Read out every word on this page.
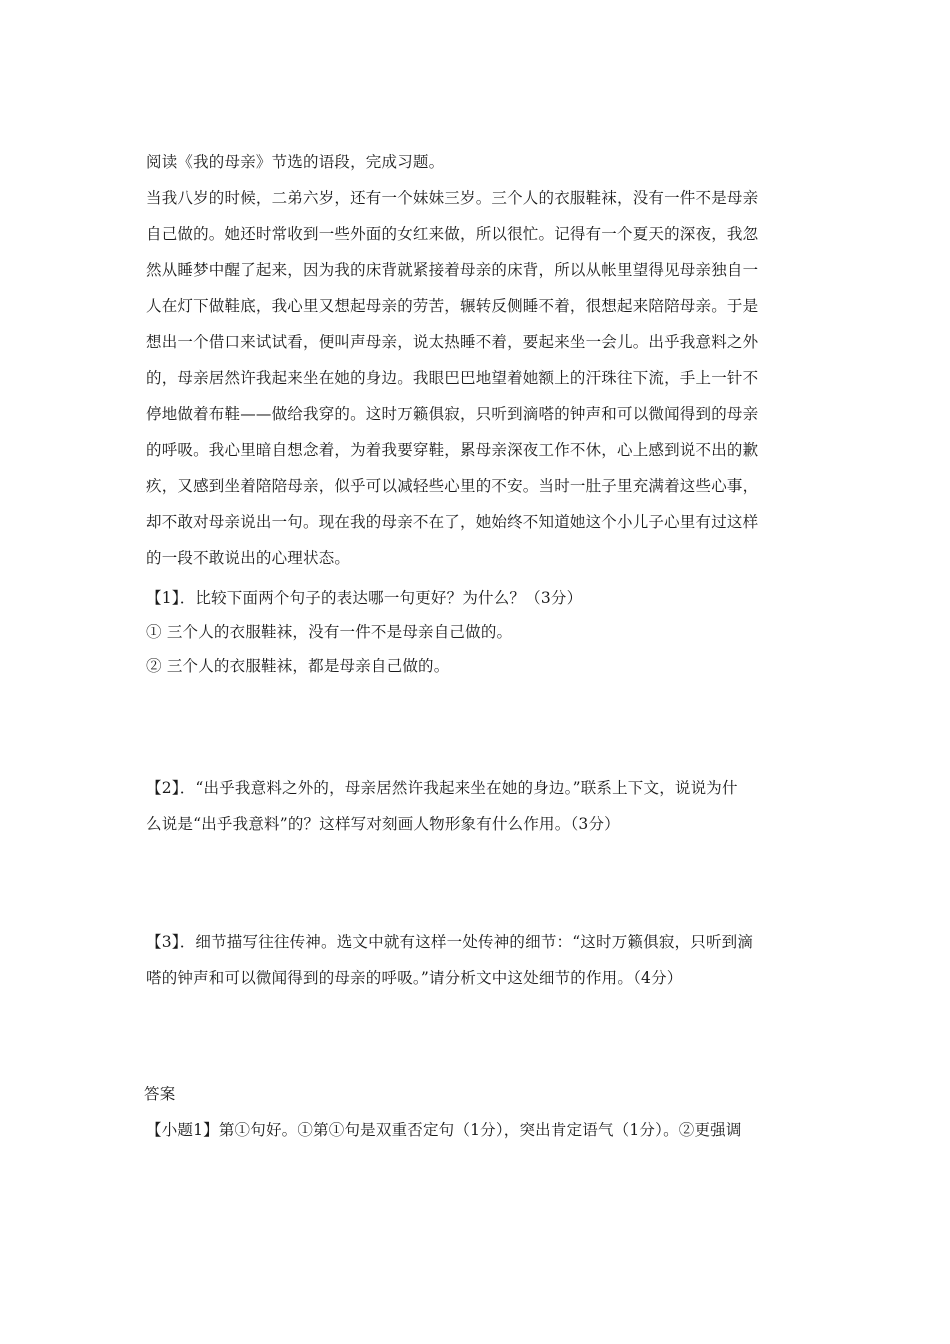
阅读《我的母亲》节选的语段，完成习题。
当我八岁的时候，二弟六岁，还有一个妹妹三岁。三个人的衣服鞋袜，没有一件不是母亲
自己做的。她还时常收到一些外面的女红来做，所以很忙。记得有一个夏天的深夜，我忽
然从睡梦中醒了起来，因为我的床背就紧接着母亲的床背，所以从帐里望得见母亲独自一
人在灯下做鞋底，我心里又想起母亲的劳苦，辗转反侧睡不着，很想起来陪陪母亲。于是
想出一个借口来试试看，便叫声母亲，说太热睡不着，要起来坐一会儿。出乎我意料之外
的，母亲居然许我起来坐在她的身边。我眼巴巴地望着她额上的汗珠往下流，手上一针不
停地做着布鞋——做给我穿的。这时万籁俱寂，只听到滴嗒的钟声和可以微闻得到的母亲
的呼吸。我心里暗自想念着，为着我要穿鞋，累母亲深夜工作不休，心上感到说不出的歉
疚，又感到坐着陪陪母亲，似乎可以减轻些心里的不安。当时一肚子里充满着这些心事，
却不敢对母亲说出一句。现在我的母亲不在了，她始终不知道她这个小儿子心里有过这样
的一段不敢说出的心理状态。
【1】．比较下面两个句子的表达哪一句更好？为什么？（3分）
① 三个人的衣服鞋袜，没有一件不是母亲自己做的。
② 三个人的衣服鞋袜，都是母亲自己做的。
【2】．“出乎我意料之外的，母亲居然许我起来坐在她的身边。”联系上下文，说说为什
么说是“出乎我意料”的？这样写对刻画人物形象有什么作用。（3分）
【3】．细节描写往往传神。选文中就有这样一处传神的细节：“这时万籁俱寂，只听到滴
嗒的钟声和可以微闻得到的母亲的呼吸。”请分析文中这处细节的作用。（4分）
答案
【小题1】第①句好。①第①句是双重否定句（1分），突出肯定语气（1分）。②更强调
